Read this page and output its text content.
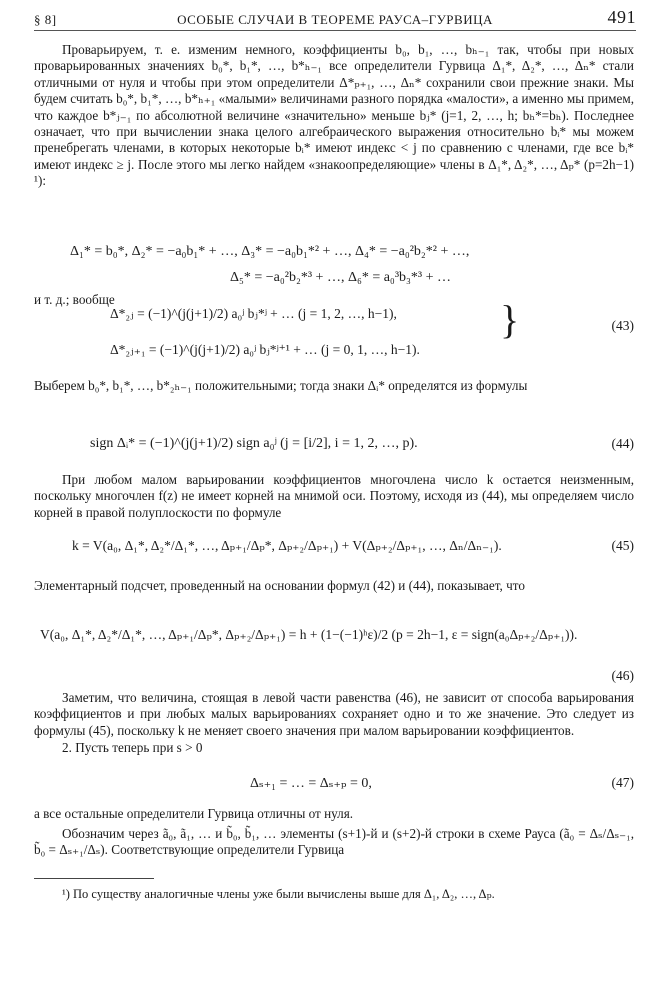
§ 8]	ОСОБЫЕ СЛУЧАИ В ТЕОРЕМЕ РАУСА–ГУРВИЦА	491
Проварьируем, т. е. изменим немного, коэффициенты b₀, b₁, …, bₕ₋₁ так, чтобы при новых проварьированных значениях b₀*, b₁*, …, b*ₕ₋₁ все определители Гурвица Δ₁*, Δ₂*, …, Δₙ* стали отличными от нуля и чтобы при этом определители Δ*ₚ₊₁, …, Δₙ* сохранили свои прежние знаки. Мы будем считать b₀*, b₁*, …, b*ₕ₊₁ «малыми» величинами разного порядка «малости», а именно мы примем, что каждое b*ⱼ₋₁ по абсолютной величине «значительно» меньше bⱼ* (j=1, 2, …, h; bₕ*=bₕ). Последнее означает, что при вычислении знака целого алгебраического выражения относительно bᵢ* мы можем пренебрегать членами, в которых некоторые bᵢ* имеют индекс < j по сравнению с членами, где все bᵢ* имеют индекс ≥ j. После этого мы легко найдем «знакоопределяющие» члены в Δ₁*, Δ₂*, …, Δₚ* (p=2h−1) ¹):
Δ₁* = b₀*, Δ₂* = −a₀b₁* + …, Δ₃* = −a₀b₁*² + …, Δ₄* = −a₀²b₂*² + …,
Δ₅* = −a₀²b₂*³ + …, Δ₆* = a₀³b₃*³ + …
и т. д.; вообще
Δ*₂ⱼ = (−1)^(j(j+1)/2) a₀ʲ bⱼ*ʲ + … (j = 1, 2, …, h−1),
Δ*₂ⱼ₊₁ = (−1)^(j(j+1)/2) a₀ʲ bⱼ*ʲ⁺¹ + … (j = 0, 1, …, h−1).
}	(43)
Выберем b₀*, b₁*, …, b*₂ₕ₋₁ положительными; тогда знаки Δᵢ* определятся из формулы
sign Δᵢ* = (−1)^(j(j+1)/2) sign a₀ʲ (j = [i/2], i = 1, 2, …, p).	(44)
При любом малом варьировании коэффициентов многочлена число k остается неизменным, поскольку многочлен f(z) не имеет корней на мнимой оси. Поэтому, исходя из (44), мы определяем число корней в правой полуплоскости по формуле
k = V(a₀, Δ₁*, Δ₂*/Δ₁*, …, Δₚ₊₁/Δₚ*, Δₚ₊₂/Δₚ₊₁) + V(Δₚ₊₂/Δₚ₊₁, …, Δₙ/Δₙ₋₁).	(45)
Элементарный подсчет, проведенный на основании формул (42) и (44), показывает, что
V(a₀, Δ₁*, Δ₂*/Δ₁*, …, Δₚ₊₁/Δₚ*, Δₚ₊₂/Δₚ₊₁) = h + (1−(−1)ʰε)/2 (p = 2h−1, ε = sign(a₀Δₚ₊₂/Δₚ₊₁)).
(46)
Заметим, что величина, стоящая в левой части равенства (46), не зависит от способа варьирования коэффициентов и при любых малых варьированиях сохраняет одно и то же значение. Это следует из формулы (45), поскольку k не меняет своего значения при малом варьировании коэффициентов.
2. Пусть теперь при s > 0
Δₛ₊₁ = … = Δₛ₊ₚ = 0,	(47)
а все остальные определители Гурвица отличны от нуля.
Обозначим через ã₀, ã₁, … и b̃₀, b̃₁, … элементы (s+1)-й и (s+2)-й строки в схеме Рауса (ã₀ = Δₛ/Δₛ₋₁, b̃₀ = Δₛ₊₁/Δₛ). Соответствующие определители Гурвица
¹) По существу аналогичные члены уже были вычислены выше для Δ₁, Δ₂, …, Δₚ.
